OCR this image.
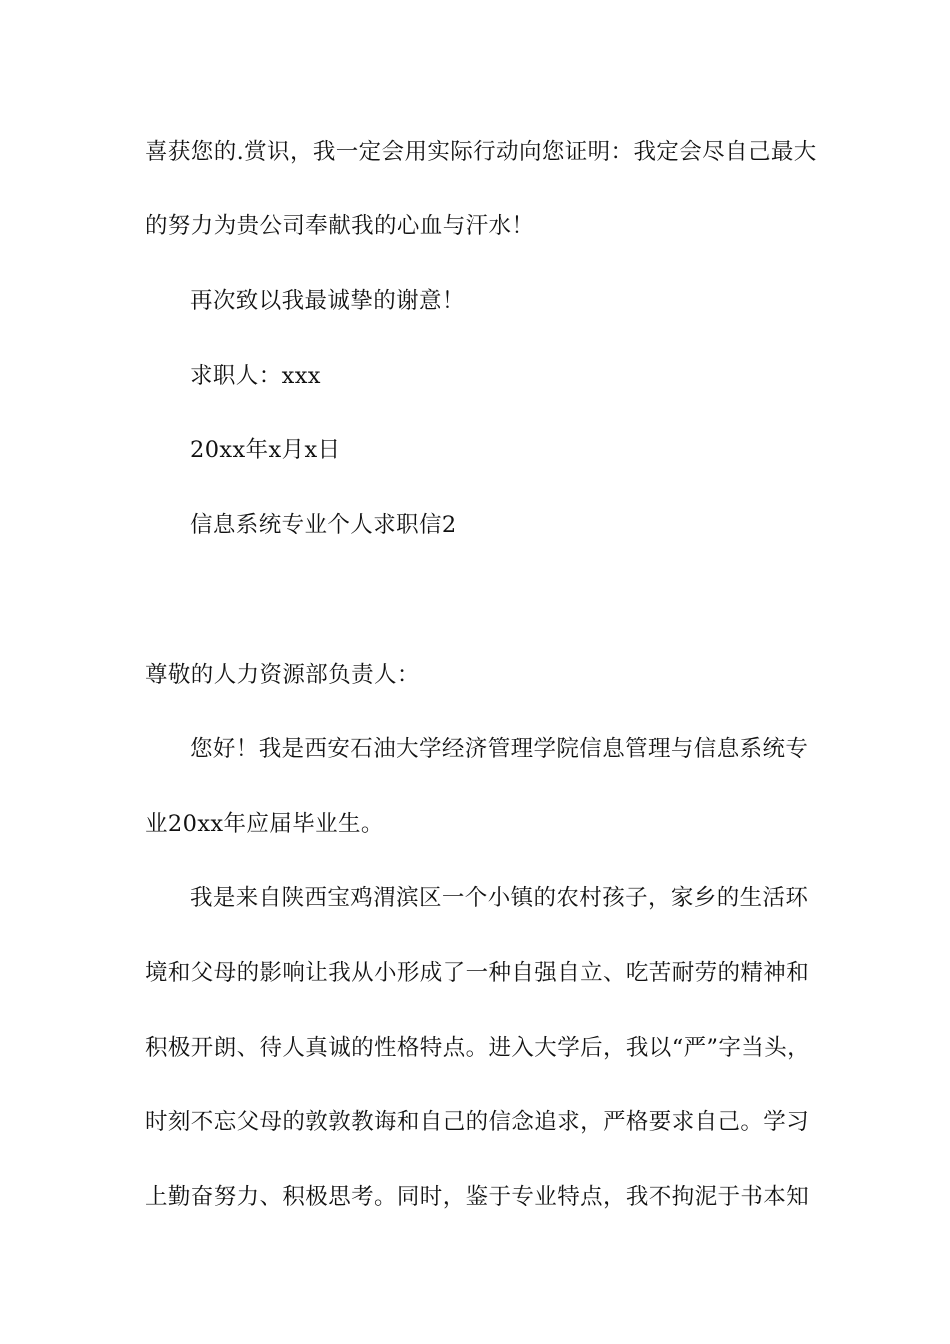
喜获您的.赏识，我一定会用实际行动向您证明：我定会尽自己最大
的努力为贵公司奉献我的心血与汗水！
再次致以我最诚挚的谢意！
求职人：xxx
20xx年x月x日
信息系统专业个人求职信2
尊敬的人力资源部负责人：
您好！我是西安石油大学经济管理学院信息管理与信息系统专
业20xx年应届毕业生。
我是来自陕西宝鸡渭滨区一个小镇的农村孩子，家乡的生活环
境和父母的影响让我从小形成了一种自强自立、吃苦耐劳的精神和
积极开朗、待人真诚的性格特点。进入大学后，我以“严”字当头，
时刻不忘父母的敦敦教诲和自己的信念追求，严格要求自己。学习
上勤奋努力、积极思考。同时，鉴于专业特点，我不拘泥于书本知
